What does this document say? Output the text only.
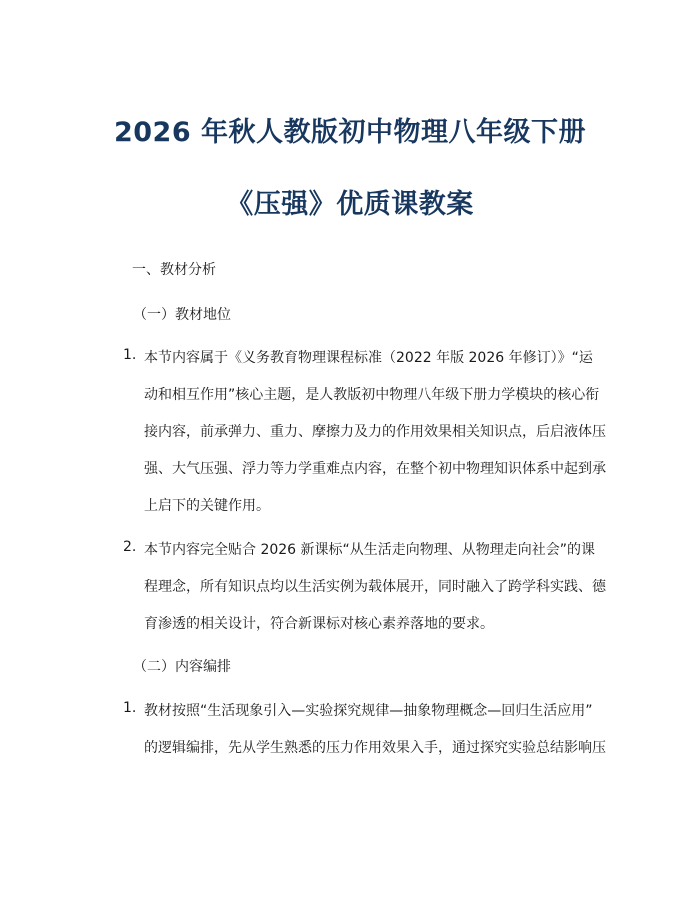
2026 年秋人教版初中物理八年级下册
《压强》优质课教案
一、教材分析
（一）教材地位
1. 本节内容属于《义务教育物理课程标准（2022 年版 2026 年修订）》“运
动和相互作用”核心主题，是人教版初中物理八年级下册力学模块的核心衔
接内容，前承弹力、重力、摩擦力及力的作用效果相关知识点，后启液体压
强、大气压强、浮力等力学重难点内容，在整个初中物理知识体系中起到承
上启下的关键作用。
2. 本节内容完全贴合 2026 新课标“从生活走向物理、从物理走向社会”的课
程理念，所有知识点均以生活实例为载体展开，同时融入了跨学科实践、德
育渗透的相关设计，符合新课标对核心素养落地的要求。
（二）内容编排
1. 教材按照“生活现象引入—实验探究规律—抽象物理概念—回归生活应用”
的逻辑编排，先从学生熟悉的压力作用效果入手，通过探究实验总结影响压
